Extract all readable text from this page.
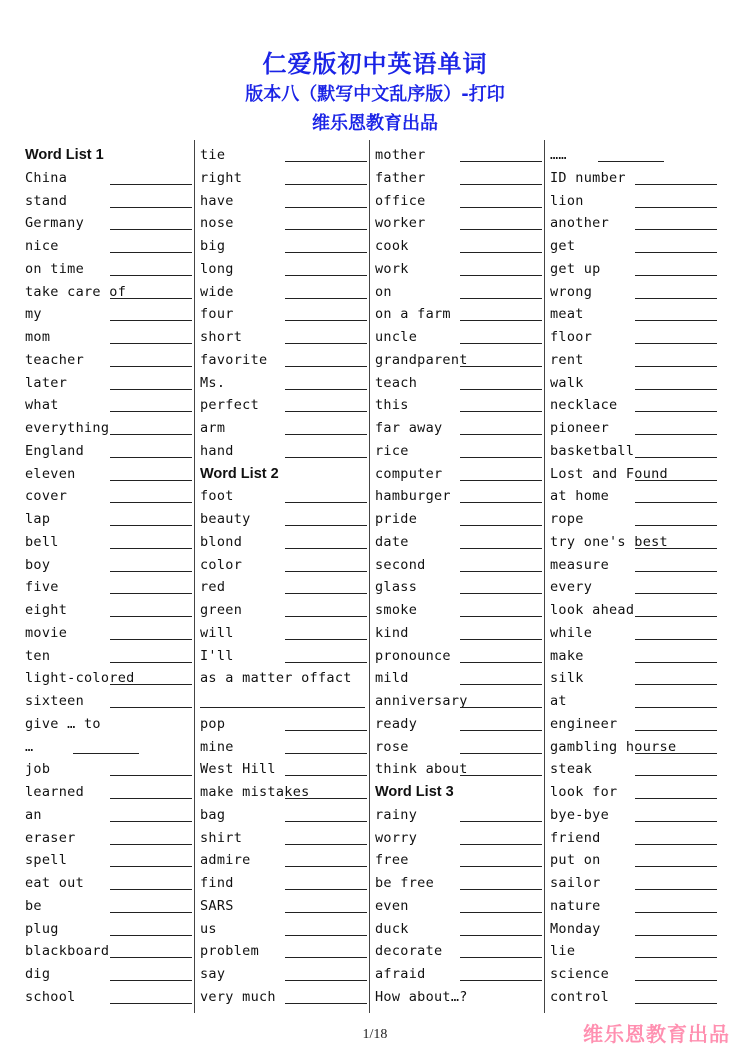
仁爱版初中英语单词
版本八（默写中文乱序版）-打印
维乐恩教育出品
Word List 1
China
stand
Germany
nice
on time
take care of
my
mom
teacher
later
what
everything
England
eleven
cover
lap
bell
boy
five
eight
movie
ten
light-colored
sixteen
give … to
…
job
learned
an
eraser
spell
eat out
be
plug
blackboard
dig
school
tie
right
have
nose
big
long
wide
four
short
favorite
Ms.
perfect
arm
hand
Word List 2
foot
beauty
blond
color
red
green
will
I'll
as a matter offact
pop
mine
West Hill
make mistakes
bag
shirt
admire
find
SARS
us
problem
say
very much
mother
father
office
worker
cook
work
on
on a farm
uncle
grandparent
teach
this
far away
rice
computer
hamburger
pride
date
second
glass
smoke
kind
pronounce
mild
anniversary
ready
rose
think about
Word List 3
rainy
worry
free
be free
even
duck
decorate
afraid
How about…?
……
ID number
lion
another
get
get up
wrong
meat
floor
rent
walk
necklace
pioneer
basketball
Lost and Found
at home
rope
try one's best
measure
every
look ahead
while
make
silk
at
engineer
gambling hourse
steak
look for
bye-bye
friend
put on
sailor
nature
Monday
lie
science
control
1/18	维乐恩教育出品
